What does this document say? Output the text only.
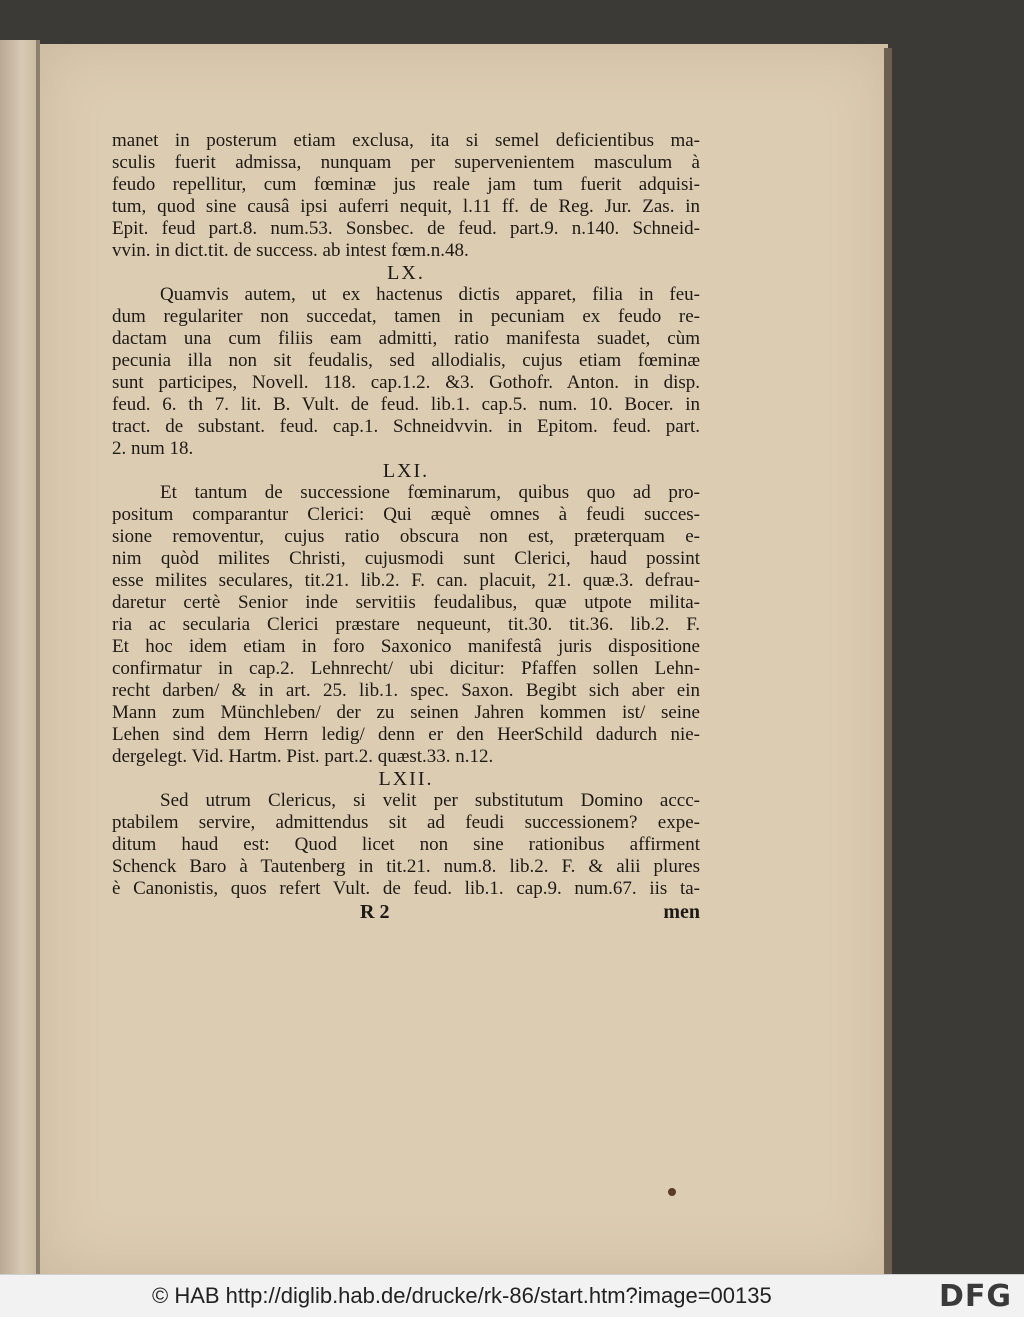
manet in posterum etiam exclusa, ita si semel deficientibus ma-
sculis fuerit admissa, nunquam per supervenientem masculum à
feudo repellitur, cum fœminæ jus reale jam tum fuerit adquisi-
tum, quod sine causâ ipsi auferri nequit, l.11 ff. de Reg. Jur. Zas. in
Epit. feud part.8. num.53. Sonsbec. de feud. part.9. n.140. Schneid-
vvin. in dict.tit. de success. ab intest fœm.n.48.
LX.
Quamvis autem, ut ex hactenus dictis apparet, filia in feu-
dum regulariter non succedat, tamen in pecuniam ex feudo re-
dactam una cum filiis eam admitti, ratio manifesta suadet, cùm
pecunia illa non sit feudalis, sed allodialis, cujus etiam fœminæ
sunt participes, Novell. 118. cap.1.2. &3. Gothofr. Anton. in disp.
feud. 6. th 7. lit. B. Vult. de feud. lib.1. cap.5. num. 10. Bocer. in
tract. de substant. feud. cap.1. Schneidvvin. in Epitom. feud. part.
2. num 18.
LXI.
Et tantum de successione fœminarum, quibus quo ad pro-
positum comparantur Clerici: Qui æquè omnes à feudi succes-
sione removentur, cujus ratio obscura non est, præterquam e-
nim quòd milites Christi, cujusmodi sunt Clerici, haud possint
esse milites seculares, tit.21. lib.2. F. can. placuit, 21. quæ.3. defrau-
daretur certè Senior inde servitiis feudalibus, quæ utpote milita-
ria ac secularia Clerici præstare nequeunt, tit.30. tit.36. lib.2. F.
Et hoc idem etiam in foro Saxonico manifestâ juris dispositione
confirmatur in cap.2. Lehnrecht/ ubi dicitur: Pfaffen sollen Lehn-
recht darben/ & in art. 25. lib.1. spec. Saxon. Begibt sich aber ein
Mann zum Münchleben/ der zu seinen Jahren kommen ist/ seine
Lehen sind dem Herrn ledig/ denn er den HeerSchild dadurch nie-
dergelegt. Vid. Hartm. Pist. part.2. quæst.33. n.12.
LXII.
Sed utrum Clericus, si velit per substitutum Domino accc-
ptabilem servire, admittendus sit ad feudi successionem? expe-
ditum haud est: Quod licet non sine rationibus affirment
Schenck Baro à Tautenberg in tit.21. num.8. lib.2. F. & alii plures
è Canonistis, quos refert Vult. de feud. lib.1. cap.9. num.67. iis ta-
R 2	men
© HAB http://diglib.hab.de/drucke/rk-86/start.htm?image=00135	DFG
